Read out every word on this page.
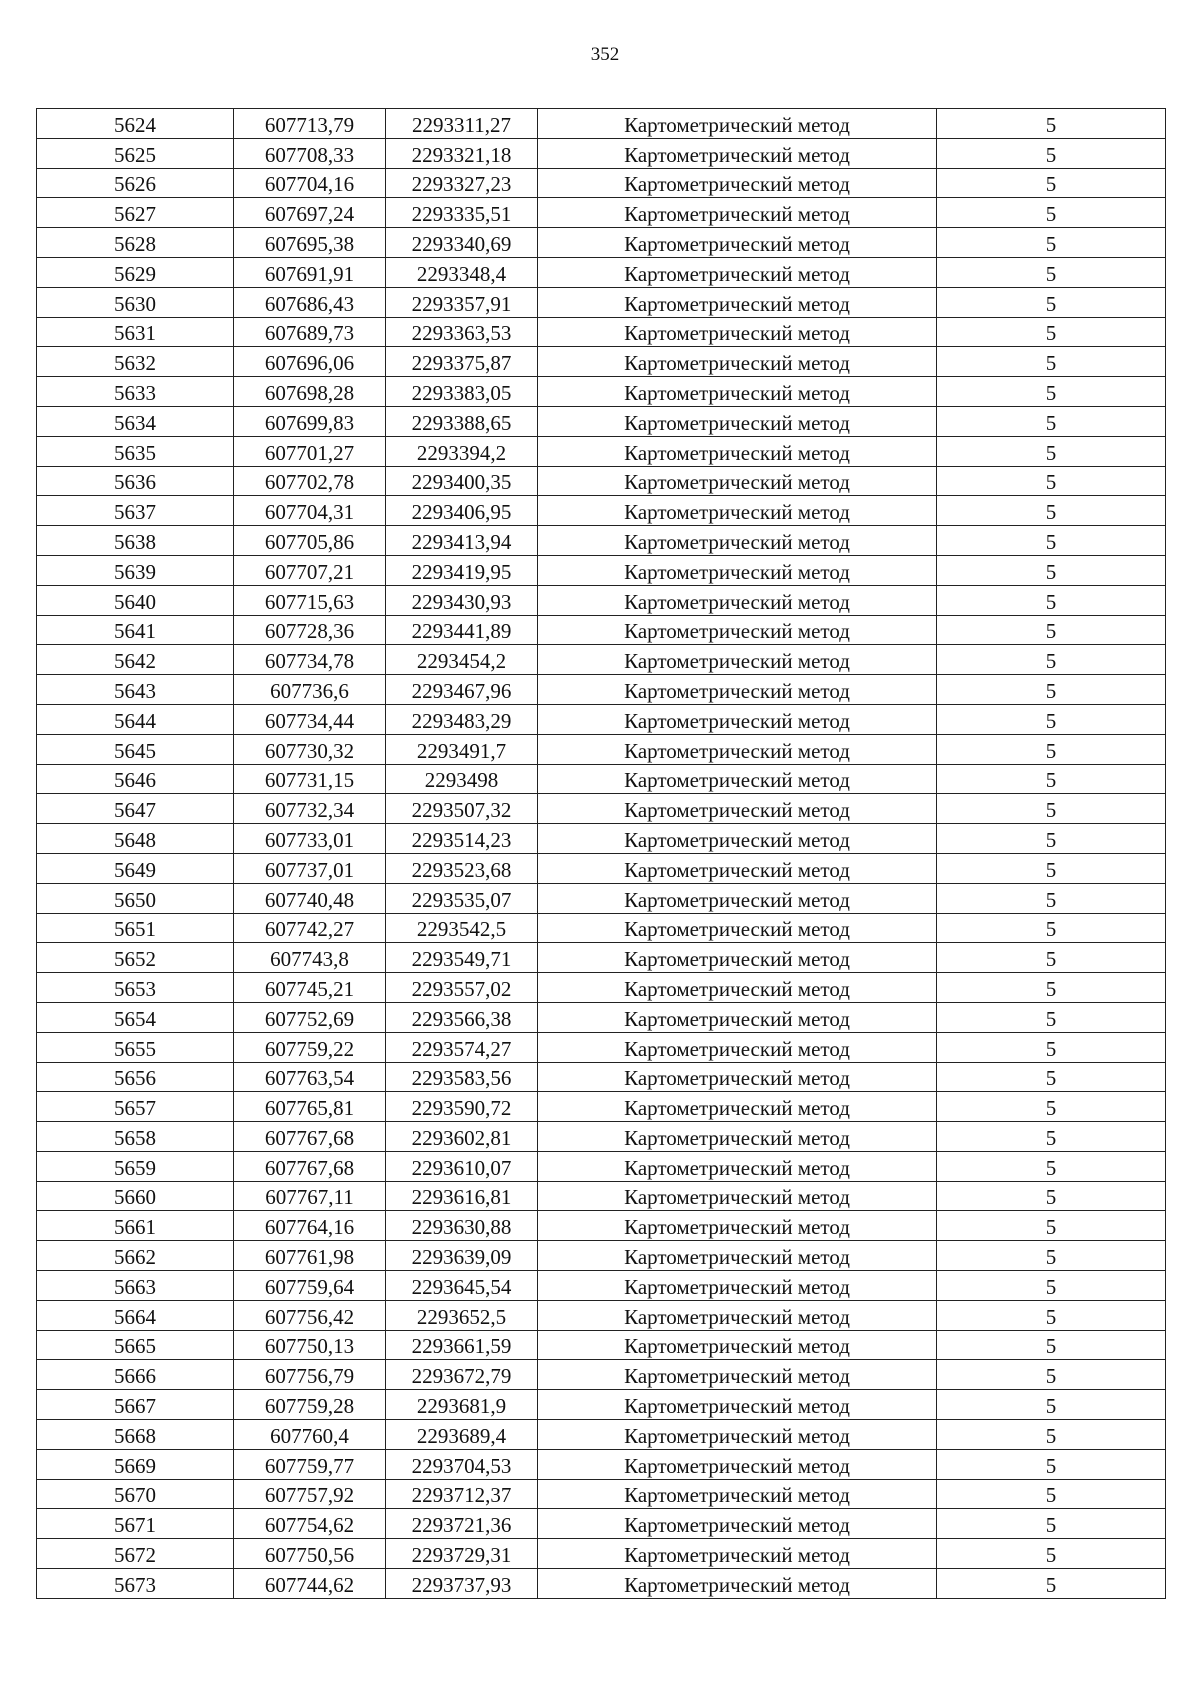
352
5624	607713,79	2293311,27	Картометрический метод	5
5625	607708,33	2293321,18	Картометрический метод	5
5626	607704,16	2293327,23	Картометрический метод	5
5627	607697,24	2293335,51	Картометрический метод	5
5628	607695,38	2293340,69	Картометрический метод	5
5629	607691,91	2293348,4	Картометрический метод	5
5630	607686,43	2293357,91	Картометрический метод	5
5631	607689,73	2293363,53	Картометрический метод	5
5632	607696,06	2293375,87	Картометрический метод	5
5633	607698,28	2293383,05	Картометрический метод	5
5634	607699,83	2293388,65	Картометрический метод	5
5635	607701,27	2293394,2	Картометрический метод	5
5636	607702,78	2293400,35	Картометрический метод	5
5637	607704,31	2293406,95	Картометрический метод	5
5638	607705,86	2293413,94	Картометрический метод	5
5639	607707,21	2293419,95	Картометрический метод	5
5640	607715,63	2293430,93	Картометрический метод	5
5641	607728,36	2293441,89	Картометрический метод	5
5642	607734,78	2293454,2	Картометрический метод	5
5643	607736,6	2293467,96	Картометрический метод	5
5644	607734,44	2293483,29	Картометрический метод	5
5645	607730,32	2293491,7	Картометрический метод	5
5646	607731,15	2293498	Картометрический метод	5
5647	607732,34	2293507,32	Картометрический метод	5
5648	607733,01	2293514,23	Картометрический метод	5
5649	607737,01	2293523,68	Картометрический метод	5
5650	607740,48	2293535,07	Картометрический метод	5
5651	607742,27	2293542,5	Картометрический метод	5
5652	607743,8	2293549,71	Картометрический метод	5
5653	607745,21	2293557,02	Картометрический метод	5
5654	607752,69	2293566,38	Картометрический метод	5
5655	607759,22	2293574,27	Картометрический метод	5
5656	607763,54	2293583,56	Картометрический метод	5
5657	607765,81	2293590,72	Картометрический метод	5
5658	607767,68	2293602,81	Картометрический метод	5
5659	607767,68	2293610,07	Картометрический метод	5
5660	607767,11	2293616,81	Картометрический метод	5
5661	607764,16	2293630,88	Картометрический метод	5
5662	607761,98	2293639,09	Картометрический метод	5
5663	607759,64	2293645,54	Картометрический метод	5
5664	607756,42	2293652,5	Картометрический метод	5
5665	607750,13	2293661,59	Картометрический метод	5
5666	607756,79	2293672,79	Картометрический метод	5
5667	607759,28	2293681,9	Картометрический метод	5
5668	607760,4	2293689,4	Картометрический метод	5
5669	607759,77	2293704,53	Картометрический метод	5
5670	607757,92	2293712,37	Картометрический метод	5
5671	607754,62	2293721,36	Картометрический метод	5
5672	607750,56	2293729,31	Картометрический метод	5
5673	607744,62	2293737,93	Картометрический метод	5
